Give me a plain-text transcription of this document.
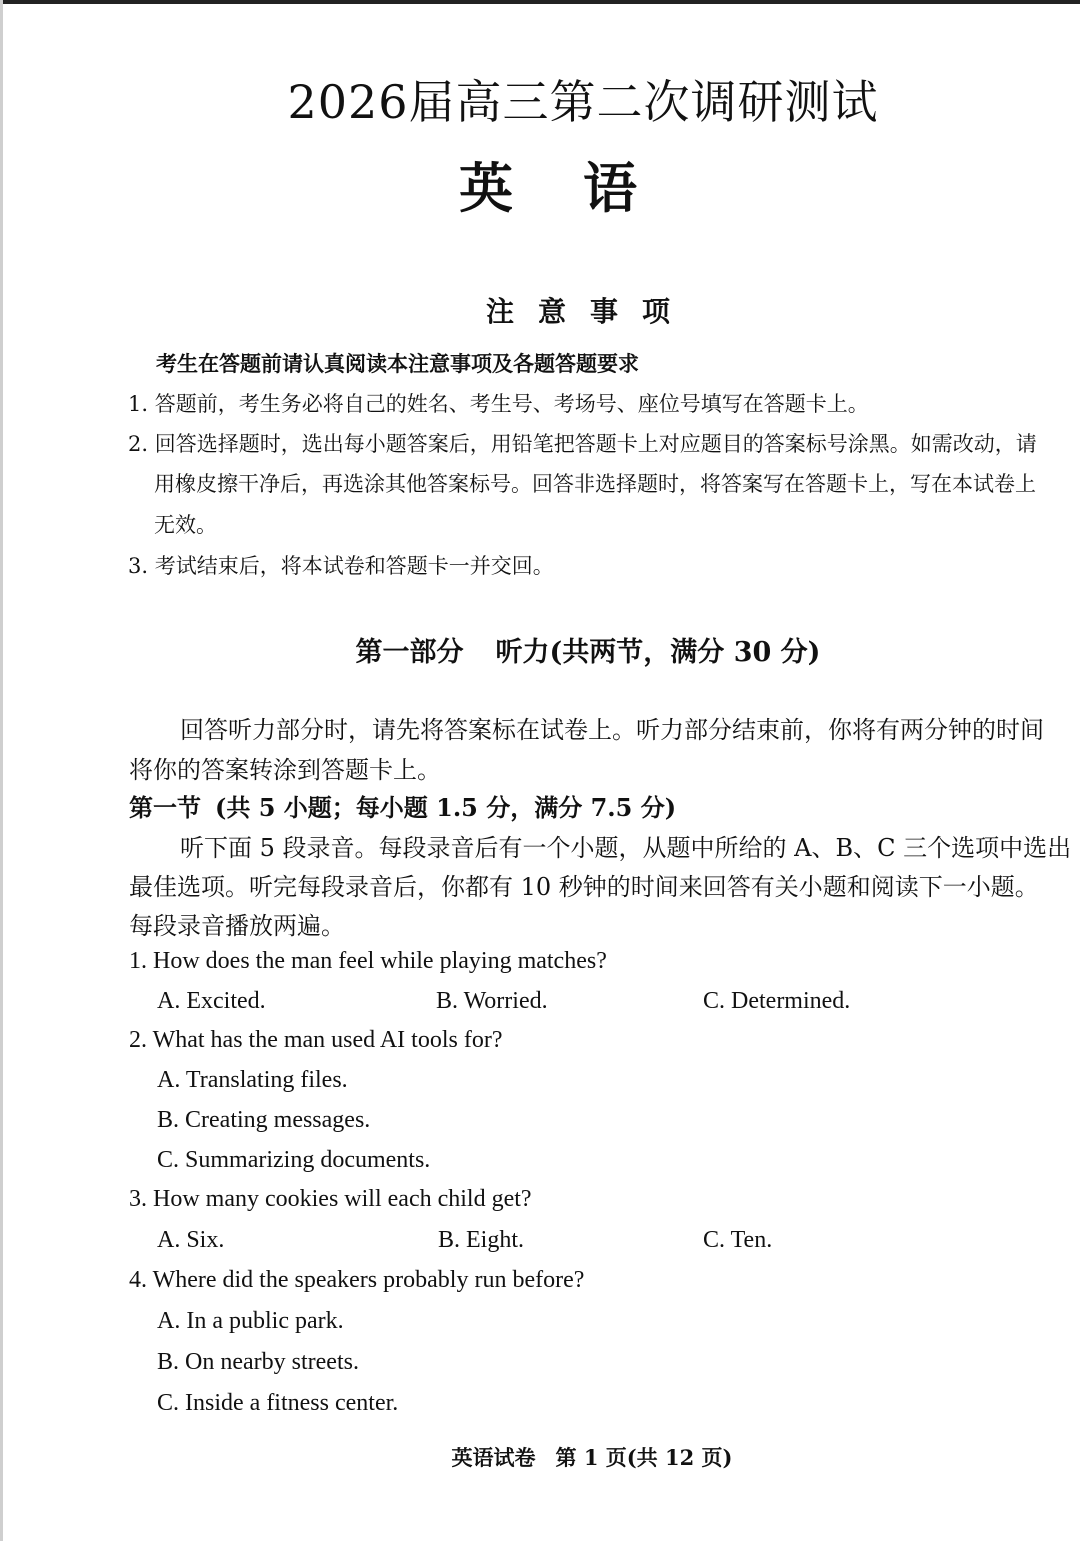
2026届高三第二次调研测试
英语
注意事项
考生在答题前请认真阅读本注意事项及各题答题要求
1. 答题前，考生务必将自己的姓名、考生号、考场号、座位号填写在答题卡上。
2. 回答选择题时，选出每小题答案后，用铅笔把答题卡上对应题目的答案标号涂黑。如需改动，请
用橡皮擦干净后，再选涂其他答案标号。回答非选择题时，将答案写在答题卡上，写在本试卷上
无效。
3. 考试结束后，将本试卷和答题卡一并交回。
第一部分 听力(共两节，满分 30 分)
回答听力部分时，请先将答案标在试卷上。听力部分结束前，你将有两分钟的时间
将你的答案转涂到答题卡上。
第一节 (共 5 小题；每小题 1.5 分，满分 7.5 分)
听下面 5 段录音。每段录音后有一个小题，从题中所给的 A、B、C 三个选项中选出
最佳选项。听完每段录音后，你都有 10 秒钟的时间来回答有关小题和阅读下一小题。
每段录音播放两遍。
1. How does the man feel while playing matches?
A. Excited.	B. Worried.	C. Determined.
2. What has the man used AI tools for?
A. Translating files.
B. Creating messages.
C. Summarizing documents.
3. How many cookies will each child get?
A. Six.	B. Eight.	C. Ten.
4. Where did the speakers probably run before?
A. In a public park.
B. On nearby streets.
C. Inside a fitness center.
英语试卷 第 1 页(共 12 页)
